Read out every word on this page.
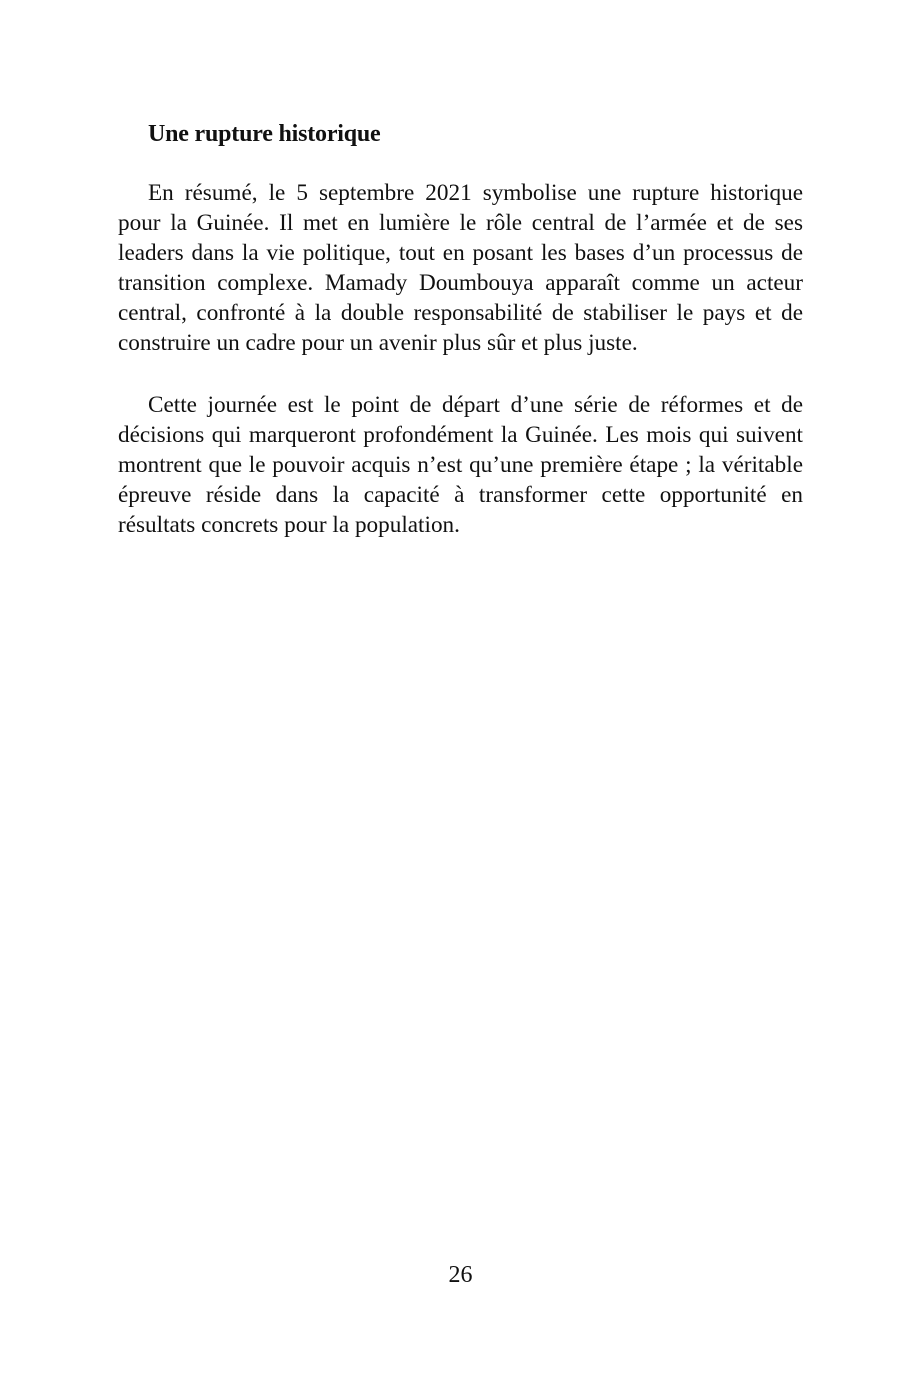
Une rupture historique

En résumé, le 5 septembre 2021 symbolise une rupture historique pour la Guinée. Il met en lumière le rôle central de l’armée et de ses leaders dans la vie politique, tout en posant les bases d’un processus de transition complexe. Mamady Doumbouya apparaît comme un acteur central, confronté à la double responsabilité de stabiliser le pays et de construire un cadre pour un avenir plus sûr et plus juste.

Cette journée est le point de départ d’une série de réformes et de décisions qui marqueront profondément la Guinée. Les mois qui suivent montrent que le pouvoir acquis n’est qu’une première étape ; la véritable épreuve réside dans la capacité à transformer cette opportunité en résultats concrets pour la population.

26
